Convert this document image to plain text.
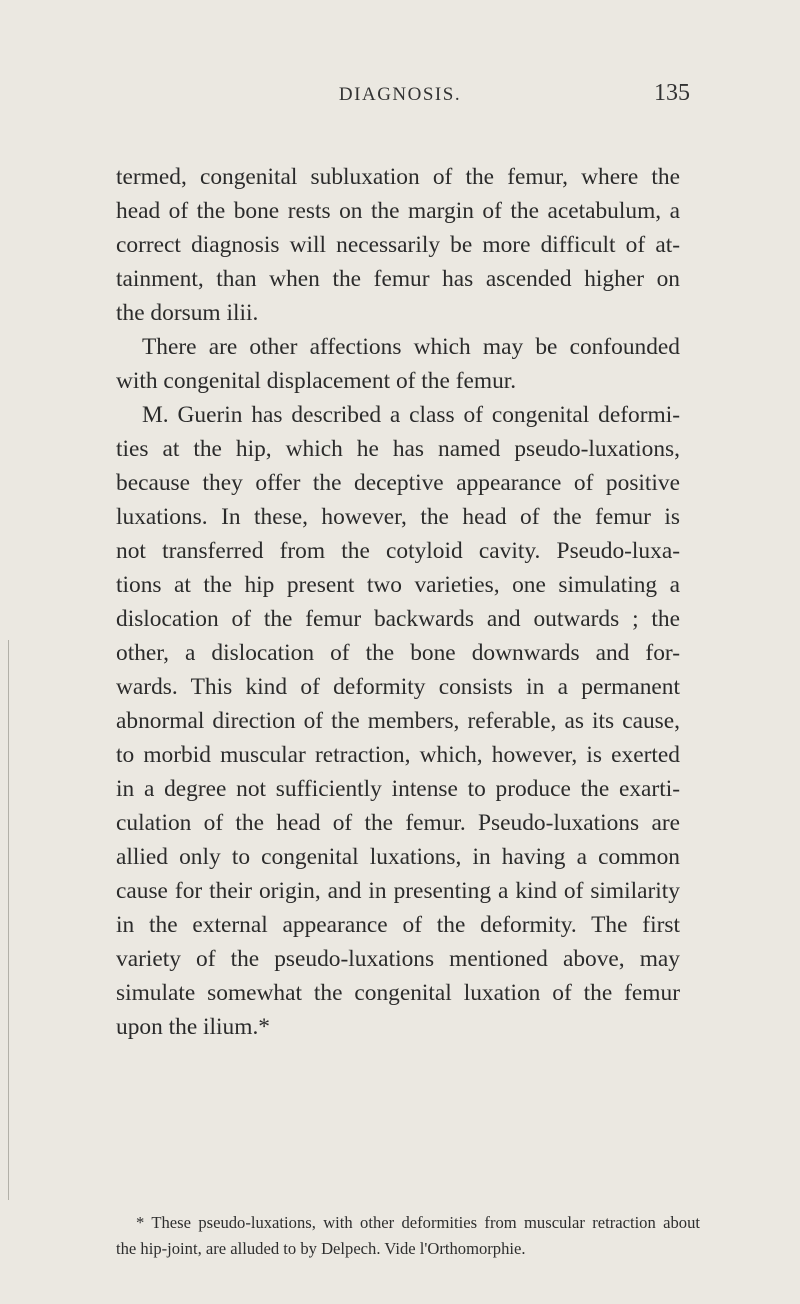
DIAGNOSIS.	135
termed, congenital subluxation of the femur, where the
head of the bone rests on the margin of the acetabulum, a
correct diagnosis will necessarily be more difficult of at-
tainment, than when the femur has ascended higher on
the dorsum ilii.
There are other affections which may be confounded
with congenital displacement of the femur.
M. Guerin has described a class of congenital deformi-
ties at the hip, which he has named pseudo-luxations,
because they offer the deceptive appearance of positive
luxations. In these, however, the head of the femur is
not transferred from the cotyloid cavity. Pseudo-luxa-
tions at the hip present two varieties, one simulating a
dislocation of the femur backwards and outwards ; the
other, a dislocation of the bone downwards and for-
wards. This kind of deformity consists in a permanent
abnormal direction of the members, referable, as its cause,
to morbid muscular retraction, which, however, is exerted
in a degree not sufficiently intense to produce the exarti-
culation of the head of the femur. Pseudo-luxations are
allied only to congenital luxations, in having a common
cause for their origin, and in presenting a kind of similarity
in the external appearance of the deformity. The first
variety of the pseudo-luxations mentioned above, may
simulate somewhat the congenital luxation of the femur
upon the ilium.*
* These pseudo-luxations, with other deformities from muscular retraction about
the hip-joint, are alluded to by Delpech. Vide l'Orthomorphie.
